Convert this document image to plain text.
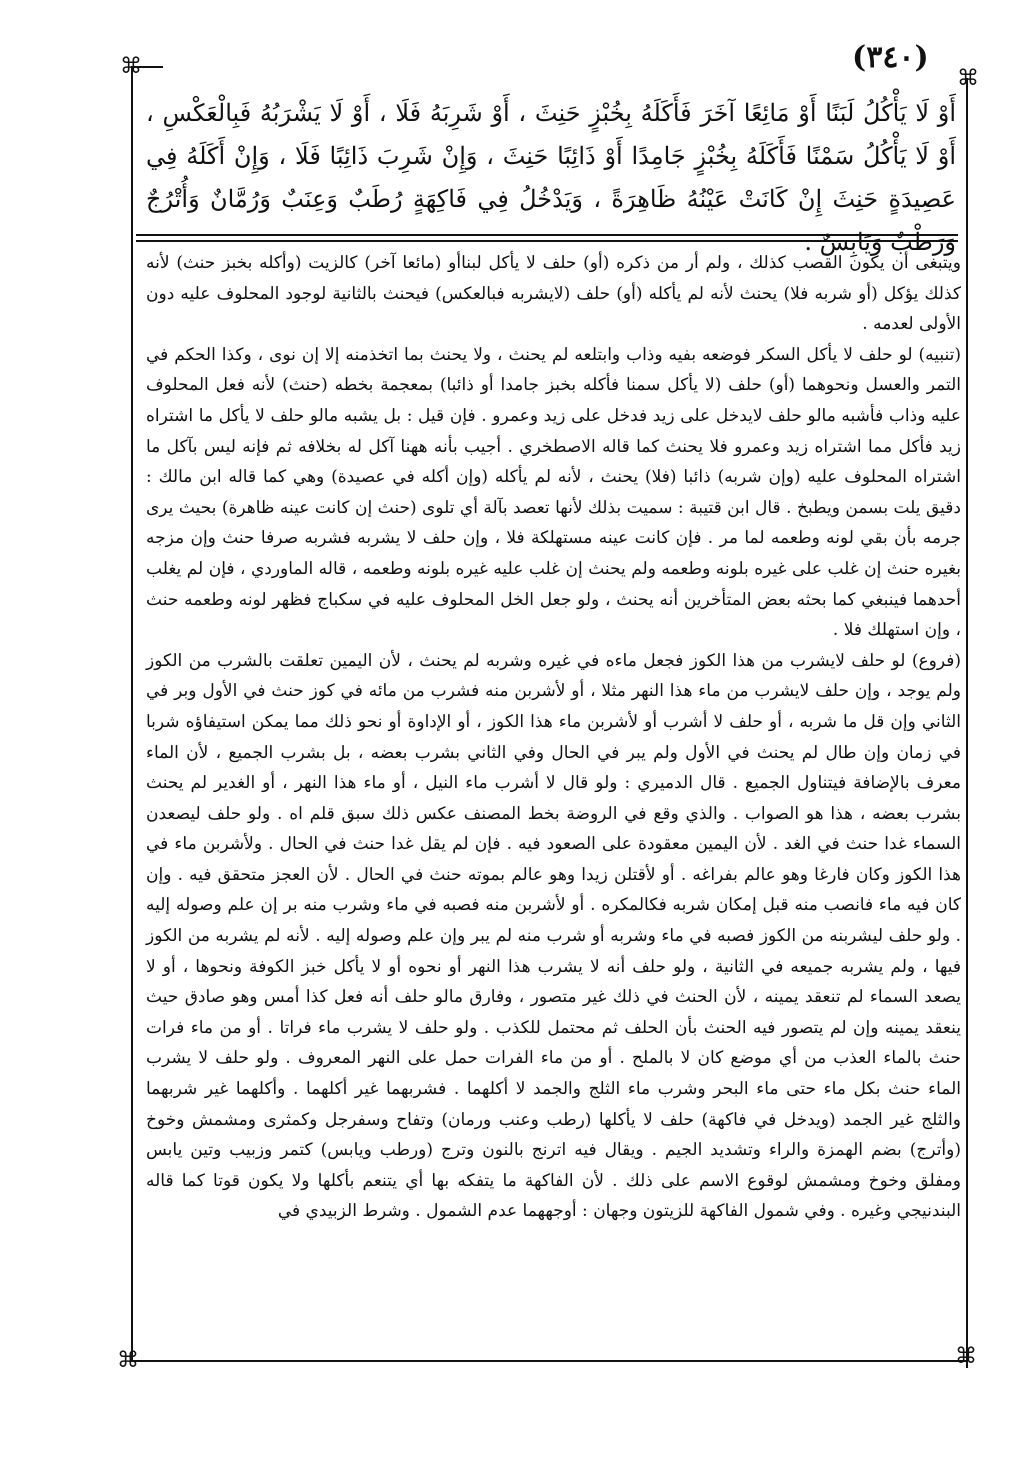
⌘	⌘
⌘	⌘
(٣٤٠)
أَوْ لَا يَأْكُلُ لَبَنًا أَوْ مَائِعًا آخَرَ فَأَكَلَهُ بِخُبْزٍ حَنِثَ ، أَوْ شَرِبَهُ فَلَا ، أَوْ لَا يَشْرَبُهُ فَبِالْعَكْسِ ، أَوْ لَا يَأْكُلُ سَمْنًا فَأَكَلَهُ بِخُبْزٍ جَامِدًا أَوْ ذَائِبًا حَنِثَ ، وَإِنْ شَرِبَ ذَائِبًا فَلَا ، وَإِنْ أَكَلَهُ فِي عَصِيدَةٍ حَنِثَ إِنْ كَانَتْ عَيْنُهُ ظَاهِرَةً ، وَيَدْخُلُ فِي فَاكِهَةٍ رُطَبٌ وَعِنَبٌ وَرُمَّانٌ وَأُتْرُجٌ وَرَطْبٌ وَيَابِسٌ .

ويتبغى أن يكون القصب كذلك ، ولم أر من ذكره (أو) حلف لا يأكل لبناأو (مائعا آخر) كالزيت (وأكله بخبز حنث) لأنه كذلك يؤكل (أو شربه فلا) يحنث لأنه لم يأكله (أو) حلف (لايشربه فبالعكس) فيحنث بالثانية لوجود المحلوف عليه دون الأولى لعدمه .

(تنبيه) لو حلف لا يأكل السكر فوضعه بفيه وذاب وابتلعه لم يحنث ، ولا يحنث بما اتخذمنه إلا إن نوى ، وكذا الحكم في التمر والعسل ونحوهما (أو) حلف (لا يأكل سمنا فأكله بخبز جامدا أو ذائبا) بمعجمة بخطه (حنث) لأنه فعل المحلوف عليه وذاب فأشبه مالو حلف لايدخل على زيد فدخل على زيد وعمرو . فإن قيل : بل يشبه مالو حلف لا يأكل ما اشتراه زيد فأكل مما اشتراه زيد وعمرو فلا يحنث كما قاله الاصطخري . أجيب بأنه ههنا آكل له بخلافه ثم فإنه ليس بآكل ما اشتراه المحلوف عليه (وإن شربه) ذائبا (فلا) يحنث ، لأنه لم يأكله (وإن أكله في عصيدة) وهي كما قاله ابن مالك : دقيق يلت بسمن ويطبخ . قال ابن قتيبة : سميت بذلك لأنها تعصد بآلة أي تلوى (حنث إن كانت عينه ظاهرة) بحيث يرى جرمه بأن بقي لونه وطعمه لما مر . فإن كانت عينه مستهلكة فلا ، وإن حلف لا يشربه فشربه صرفا حنث وإن مزجه بغيره حنث إن غلب على غيره بلونه وطعمه ولم يحنث إن غلب عليه غيره بلونه وطعمه ، قاله الماوردي ، فإن لم يغلب أحدهما فينبغي كما بحثه بعض المتأخرين أنه يحنث ، ولو جعل الخل المحلوف عليه في سكباج فظهر لونه وطعمه حنث ، وإن استهلك فلا .

(فروع) لو حلف لايشرب من هذا الكوز فجعل ماءه في غيره وشربه لم يحنث ، لأن اليمين تعلقت بالشرب من الكوز ولم يوجد ، وإن حلف لايشرب من ماء هذا النهر مثلا ، أو لأشربن منه فشرب من مائه في كوز حنث في الأول وبر في الثاني وإن قل ما شربه ، أو حلف لا أشرب أو لأشربن ماء هذا الكوز ، أو الإداوة أو نحو ذلك مما يمكن استيفاؤه شربا في زمان وإن طال لم يحنث في الأول ولم يبر في الحال وفي الثاني بشرب بعضه ، بل بشرب الجميع ، لأن الماء معرف بالإضافة فيتناول الجميع . قال الدميري : ولو قال لا أشرب ماء النيل ، أو ماء هذا النهر ، أو الغدير لم يحنث بشرب بعضه ، هذا هو الصواب . والذي وقع في الروضة بخط المصنف عكس ذلك سبق قلم اه . ولو حلف ليصعدن السماء غدا حنث في الغد . لأن اليمين معقودة على الصعود فيه . فإن لم يقل غدا حنث في الحال . ولأشربن ماء في هذا الكوز وكان فارغا وهو عالم بفراغه . أو لأقتلن زيدا وهو عالم بموته حنث في الحال . لأن العجز متحقق فيه . وإن كان فيه ماء فانصب منه قبل إمكان شربه فكالمكره . أو لأشربن منه فصبه في ماء وشرب منه بر إن علم وصوله إليه . ولو حلف ليشربنه من الكوز فصبه في ماء وشربه أو شرب منه لم يبر وإن علم وصوله إليه . لأنه لم يشربه من الكوز فيها ، ولم يشربه جميعه في الثانية ، ولو حلف أنه لا يشرب هذا النهر أو نحوه أو لا يأكل خبز الكوفة ونحوها ، أو لا يصعد السماء لم تنعقد يمينه ، لأن الحنث في ذلك غير متصور ، وفارق مالو حلف أنه فعل كذا أمس وهو صادق حيث ينعقد يمينه وإن لم يتصور فيه الحنث بأن الحلف ثم محتمل للكذب . ولو حلف لا يشرب ماء فراتا . أو من ماء فرات حنث بالماء العذب من أي موضع كان لا بالملح . أو من ماء الفرات حمل على النهر المعروف . ولو حلف لا يشرب الماء حنث بكل ماء حتى ماء البحر وشرب ماء الثلج والجمد لا أكلهما . فشربهما غير أكلهما . وأكلهما غير شربهما والثلج غير الجمد (ويدخل في فاكهة) حلف لا يأكلها (رطب وعنب ورمان) وتفاح وسفرجل وكمثرى ومشمش وخوخ (وأترج) بضم الهمزة والراء وتشديد الجيم . ويقال فيه اترنج بالنون وترج (ورطب ويابس) كتمر وزبيب وتين يابس ومفلق وخوخ ومشمش لوقوع الاسم على ذلك . لأن الفاكهة ما يتفكه بها أي يتنعم بأكلها ولا يكون قوتا كما قاله البندنيجي وغيره . وفي شمول الفاكهة للزيتون وجهان : أوجههما عدم الشمول . وشرط الزبيدي في
